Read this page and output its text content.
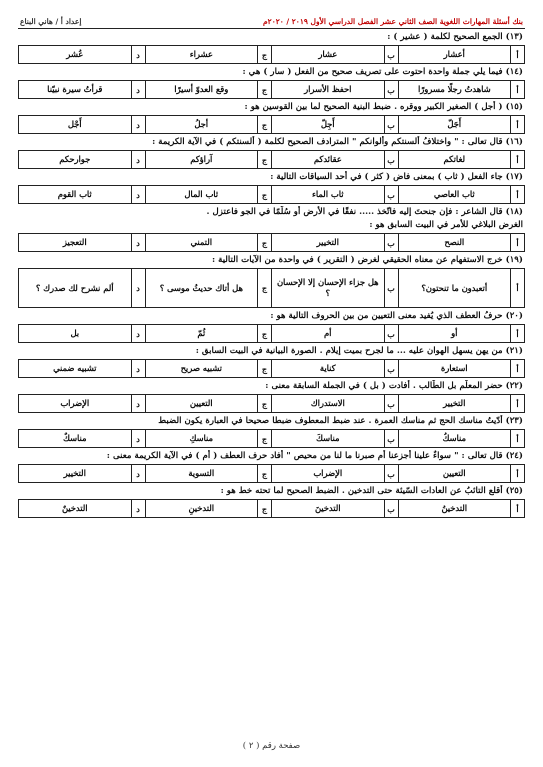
بنك أسئلة المهارات اللغوية الصف الثاني عشر الفصل الدراسي الأول ٢٠١٩ / ٢٠٢٠م
إعداد أ / هاني البناع
(١٣) الجمع الصحيح لكلمة ( عشير ) :
أ
أعشار
ب
عشار
ج
عشراء
د
عُشر
(١٤) فيما يلي جملة واحدة احتوت على تصريف صحيح من الفعل ( سار ) هي :
أ
شاهدتُ رجلًا مسرورًا
ب
احفظ الأسرار
ج
وقع العدوّ أسيرًا
د
قرأتُ سيرة نبيّنا
(١٥) ( أجل ) الصغير الكبير ووقره . ضبط البنية الصحيح لما بين القوسين هو :
أ
أَجَلّ
ب
أَجِلّ
ج
أجلُ
د
أَجْل
(١٦) قال تعالى : " واختلافُ ألسنتكم وألوانكم " المترادف الصحيح لكلمة ( ألسنتكم ) في الآية الكريمة :
أ
لغاتكم
ب
عقائدكم
ج
آراؤكم
د
جوارحكم
(١٧) جاء الفعل ( ثاب ) بمعنى فاض ( كثر ) في أحد السياقات التالية :
أ
ثاب العاصي
ب
ثاب الماء
ج
ثاب المال
د
ثاب القوم
(١٨) قال الشاعر : فإن جنحتَ إليه فاتّخذ ..... نفقًا في الأرض أو سُلّمًا في الجو فاعتزل .
الغرض البلاغي للأمر في البيت السابق هو :
أ
النصح
ب
التخيير
ج
التمني
د
التعجيز
(١٩) خرج الاستفهام عن معناه الحقيقي لغرض ( التقرير ) في واحدة من الآيات التالية :
أ
أتعبدون ما تنحتون؟
ب
هل جزاء الإحسان إلا الإحسان ؟
ج
هل أتاك حديثُ موسى ؟
د
ألم نشرح لك صدرك ؟
(٢٠) حرفُ العطف الذي يُفيد معنى التعيين من بين الحروف التالية هو :
أ
أو
ب
أم
ج
ثُمّ
د
بل
(٢١) من يهن يسهل الهوان عليه ... ما لجرح بميت إيلام . الصورة البيانية في البيت السابق :
أ
استعارة
ب
كناية
ج
تشبيه صريح
د
تشبيه ضمني
(٢٢) حضر المعلّم بل الطّالب . أفادت ( بل ) في الجملة السابقة معنى :
أ
التخيير
ب
الاستدراك
ج
التعيين
د
الإضراب
(٢٣) أدّيتُ مناسك الحج ثم مناسك العمرة . عند ضبط المعطوف ضبطا صحيحا في العبارة يكون الضبط
أ
مناسكُ
ب
مناسكَ
ج
مناسكِ
د
مناسكٌ
(٢٤) قال تعالى : " سواءٌ علينا أجزعنا أم صبرنا ما لنا من محيص " أفاد حرف العطف ( أم ) في الآية الكريمة معنى :
أ
التعيين
ب
الإضراب
ج
التسوية
د
التخيير
(٢٥) أقلع التائبُ عن العادات السّيئة حتى التدخين . الضبط الصحيح لما تحته خط هو :
أ
التدخينُ
ب
التدخينَ
ج
التدخينِ
د
التدخينٌ
صفحة رقم ( ٢ )
